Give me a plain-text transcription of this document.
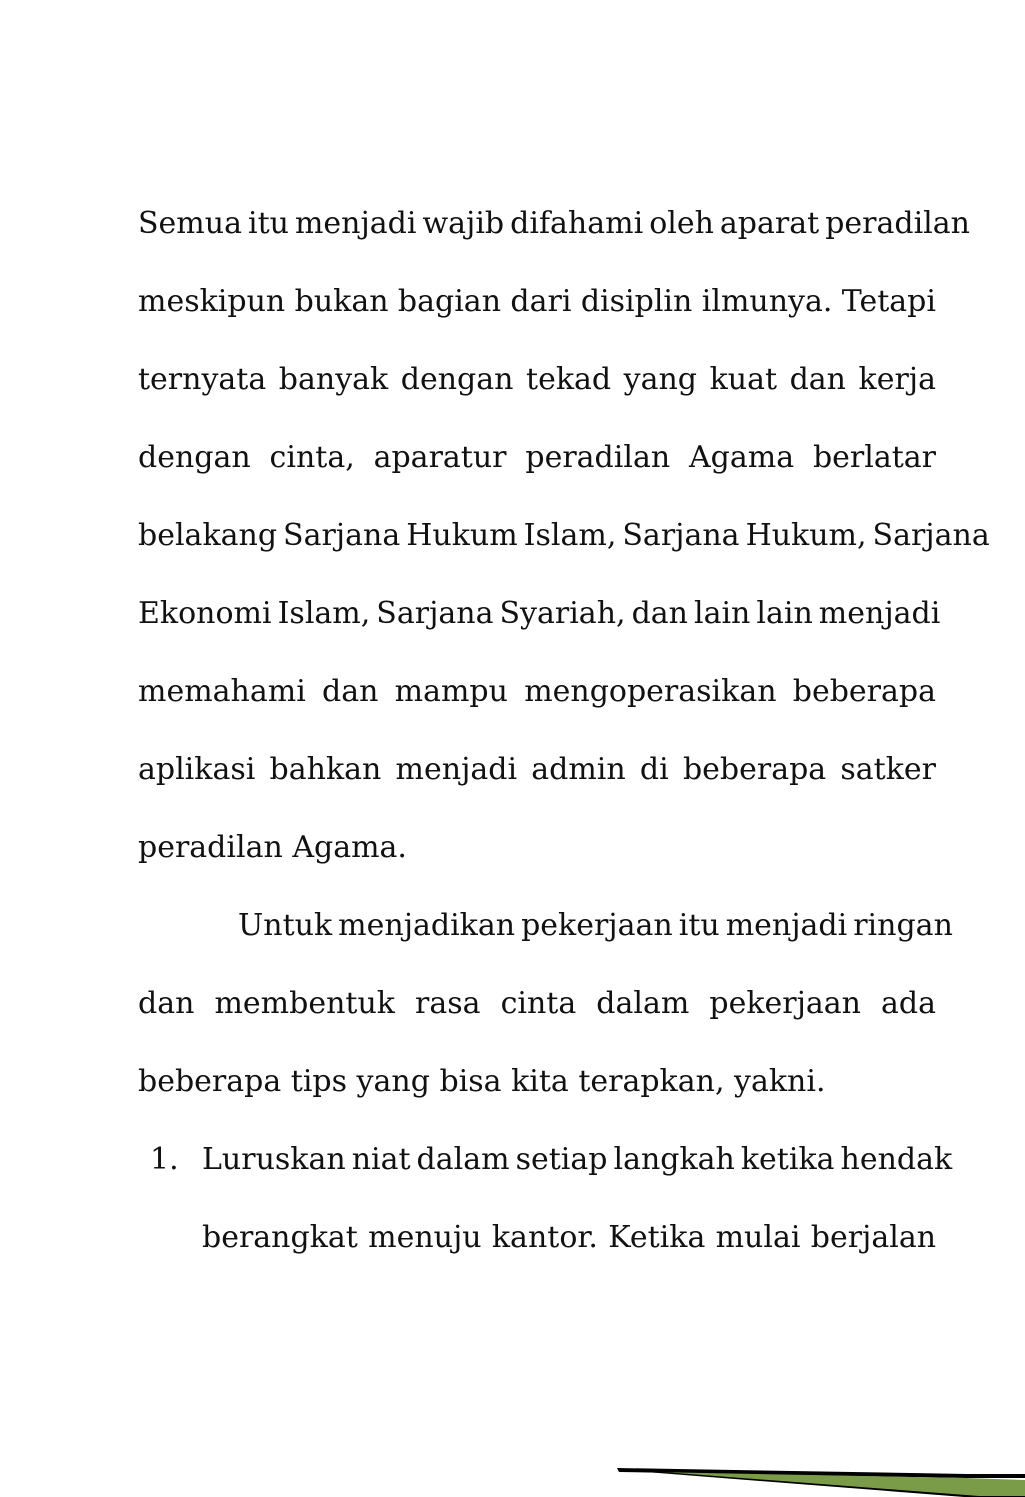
Semua itu menjadi wajib difahami oleh aparat peradilan
meskipun bukan bagian dari disiplin ilmunya. Tetapi
ternyata banyak dengan tekad yang kuat dan kerja
dengan cinta, aparatur peradilan Agama berlatar
belakang Sarjana Hukum Islam, Sarjana Hukum, Sarjana
Ekonomi Islam, Sarjana Syariah, dan lain lain menjadi
memahami dan mampu mengoperasikan beberapa
aplikasi bahkan menjadi admin di beberapa satker
peradilan Agama.
Untuk menjadikan pekerjaan itu menjadi ringan
dan membentuk rasa cinta dalam pekerjaan ada
beberapa tips yang bisa kita terapkan, yakni.
1. Luruskan niat dalam setiap langkah ketika hendak
berangkat menuju kantor. Ketika mulai berjalan
